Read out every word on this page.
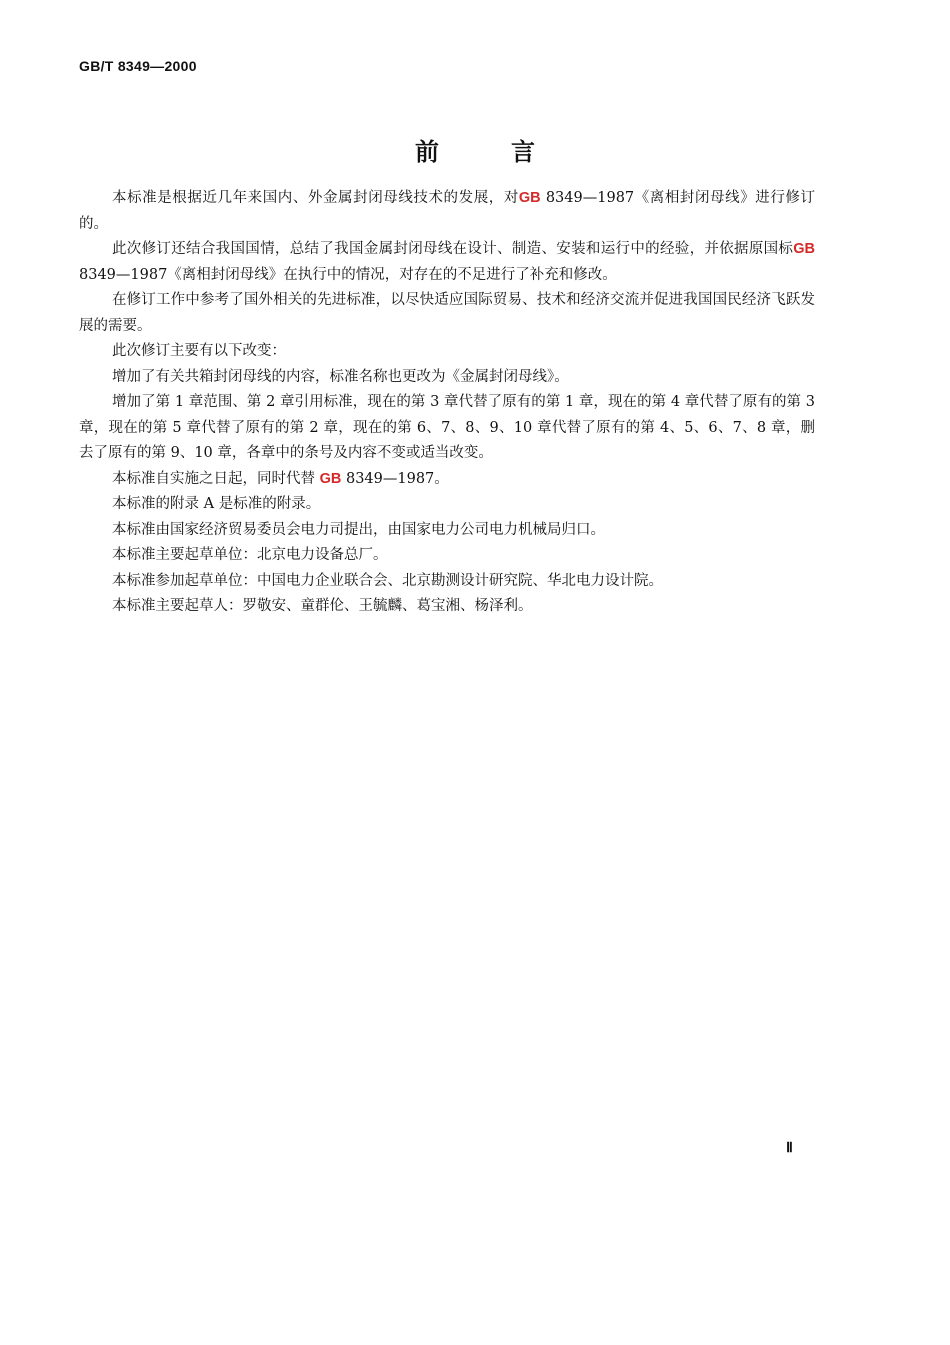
GB/T 8349—2000
前	言

本标准是根据近几年来国内、外金属封闭母线技术的发展，对GB 8349—1987《离相封闭母线》进行修订的。

此次修订还结合我国国情，总结了我国金属封闭母线在设计、制造、安装和运行中的经验，并依据原国标GB 8349—1987《离相封闭母线》在执行中的情况，对存在的不足进行了补充和修改。

在修订工作中参考了国外相关的先进标准，以尽快适应国际贸易、技术和经济交流并促进我国国民经济飞跃发展的需要。

此次修订主要有以下改变：

增加了有关共箱封闭母线的内容，标准名称也更改为《金属封闭母线》。

增加了第 1 章范围、第 2 章引用标准，现在的第 3 章代替了原有的第 1 章，现在的第 4 章代替了原有的第 3 章，现在的第 5 章代替了原有的第 2 章，现在的第 6、7、8、9、10 章代替了原有的第 4、5、6、7、8 章，删去了原有的第 9、10 章，各章中的条号及内容不变或适当改变。

本标准自实施之日起，同时代替 GB 8349—1987。

本标准的附录 A 是标准的附录。

本标准由国家经济贸易委员会电力司提出，由国家电力公司电力机械局归口。

本标准主要起草单位：北京电力设备总厂。

本标准参加起草单位：中国电力企业联合会、北京勘测设计研究院、华北电力设计院。

本标准主要起草人：罗敬安、童群伦、王毓麟、葛宝湘、杨泽利。

Ⅱ
